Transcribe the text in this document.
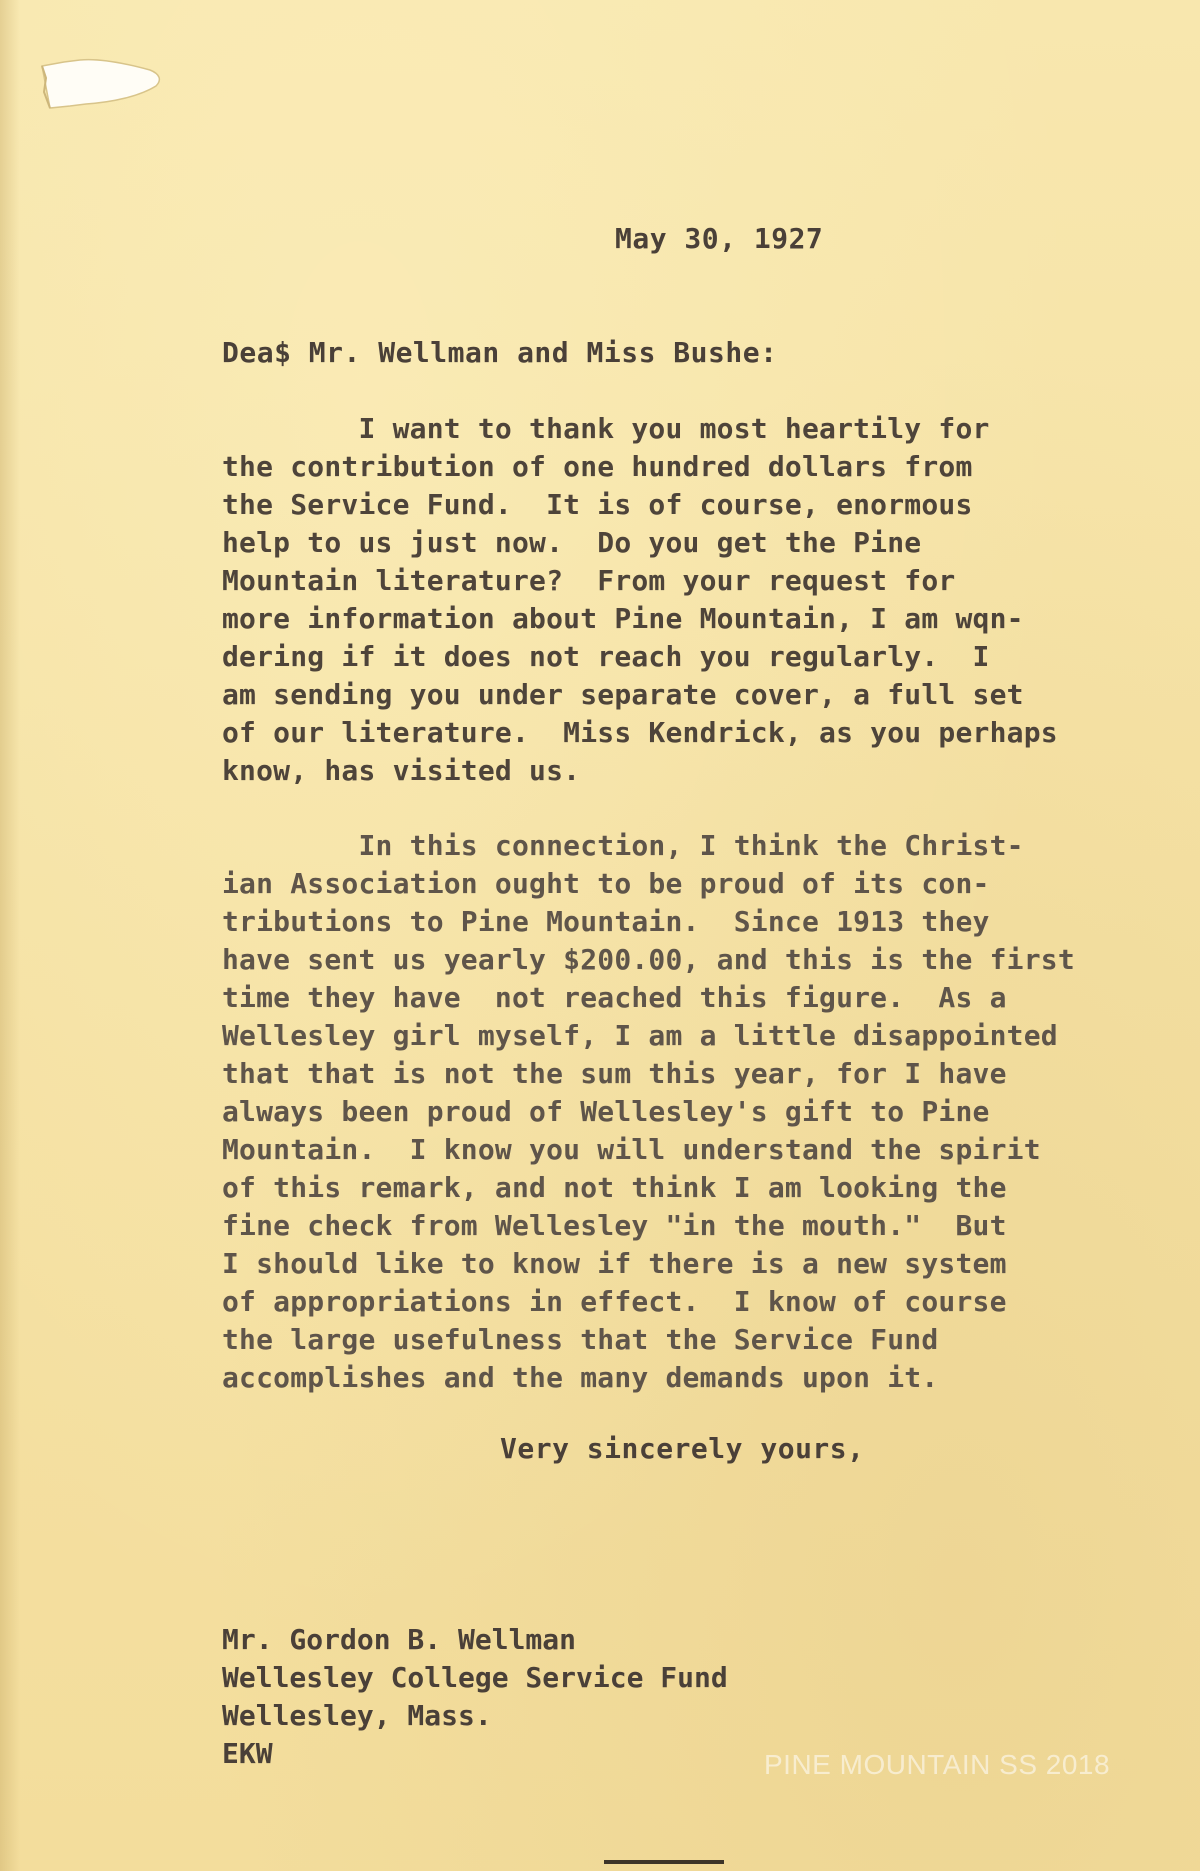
May 30, 1927
Dea$ Mr. Wellman and Miss Bushe:
I want to thank you most heartily for
the contribution of one hundred dollars from
the Service Fund.  It is of course, enormous
help to us just now.  Do you get the Pine
Mountain literature?  From your request for
more information about Pine Mountain, I am wqn-
dering if it does not reach you regularly.  I
am sending you under separate cover, a full set
of our literature.  Miss Kendrick, as you perhaps
know, has visited us.
In this connection, I think the Christ-
ian Association ought to be proud of its con-
tributions to Pine Mountain.  Since 1913 they
have sent us yearly $200.00, and this is the first
time they have  not reached this figure.  As a
Wellesley girl myself, I am a little disappointed
that that is not the sum this year, for I have
always been proud of Wellesley's gift to Pine
Mountain.  I know you will understand the spirit
of this remark, and not think I am looking the
fine check from Wellesley "in the mouth."  But
I should like to know if there is a new system
of appropriations in effect.  I know of course
the large usefulness that the Service Fund
accomplishes and the many demands upon it.
Very sincerely yours,
Mr. Gordon B. Wellman
Wellesley College Service Fund
Wellesley, Mass.
EKW	PINE MOUNTAIN SS 2018
